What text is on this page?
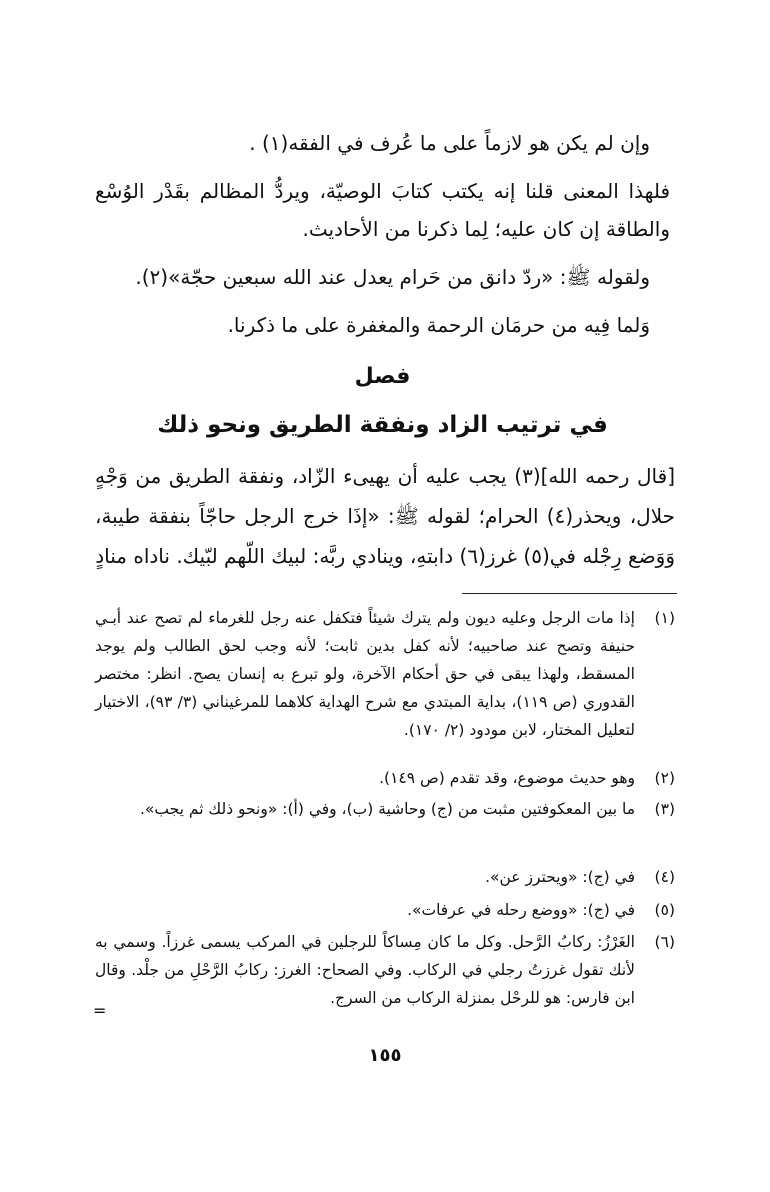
وإن لم يكن هو لازماً على ما عُرف في الفقه(١) .
فلهذا المعنى قلنا إنه يكتب كتابَ الوصيّة، ويردُّ المظالم بقَدْر الوُسْع والطاقة إن كان عليه؛ لِما ذكرنا من الأحاديث.
ولقوله ﷺ: «ردّ دانق من حَرام يعدل عند الله سبعين حجّة»(٢).
وَلما فِيه من حرمَان الرحمة والمغفرة على ما ذكرنا.
فصل
في ترتيب الزاد ونفقة الطريق ونحو ذلك
[قال رحمه الله](٣) يجب عليه أن يهيىء الزّاد، ونفقة الطريق من وَجْهٍ حلال، ويحذر(٤) الحرام؛ لقوله ﷺ: «إذَا خرج الرجل حاجّاً بنفقة طيبة، وَوَضع رِجْله في(٥) غرز(٦) دابتهِ، وينادي ربَّه: لبيك اللّهم لبّيك. ناداه منادٍ
(١)
إذا مات الرجل وعليه ديون ولم يترك شيئاً فتكفل عنه رجل للغرماء لم تصح عند أبـي حنيفة وتصح عند صاحبيه؛ لأنه كفل بدين ثابت؛ لأنه وجب لحق الطالب ولم يوجد المسقط، ولهذا يبقى في حق أحكام الآخرة، ولو تبرع به إنسان يصح. انظر: مختصر القدوري (ص ١١٩)، بداية المبتدي مع شرح الهداية كلاهما للمرغيناني (٣/ ٩٣)، الاختيار لتعليل المختار، لابن مودود (٢/ ١٧٠).
(٢)
وهو حديث موضوع، وقد تقدم (ص ١٤٩).
(٣)
ما بين المعكوفتين مثبت من (ج) وحاشية (ب)، وفي (أ): «ونحو ذلك ثم يجب».
(٤)
في (ج): «ويحترز عن».
(٥)
في (ج): «ووضع رحله في عرفات».
(٦)
الغَرْزُ: ركابُ الرَّحل. وكل ما كان مِساكاً للرجلين في المركب يسمى غرزاً. وسمي به لأنك تقول غرزتُ رجلي في الركاب. وفي الصحاح: الغرز: ركابُ الرَّحْلِ من جلْد. وقال ابن فارس: هو للرحْل بمنزلة الركاب من السرج.
=
١٥٥
